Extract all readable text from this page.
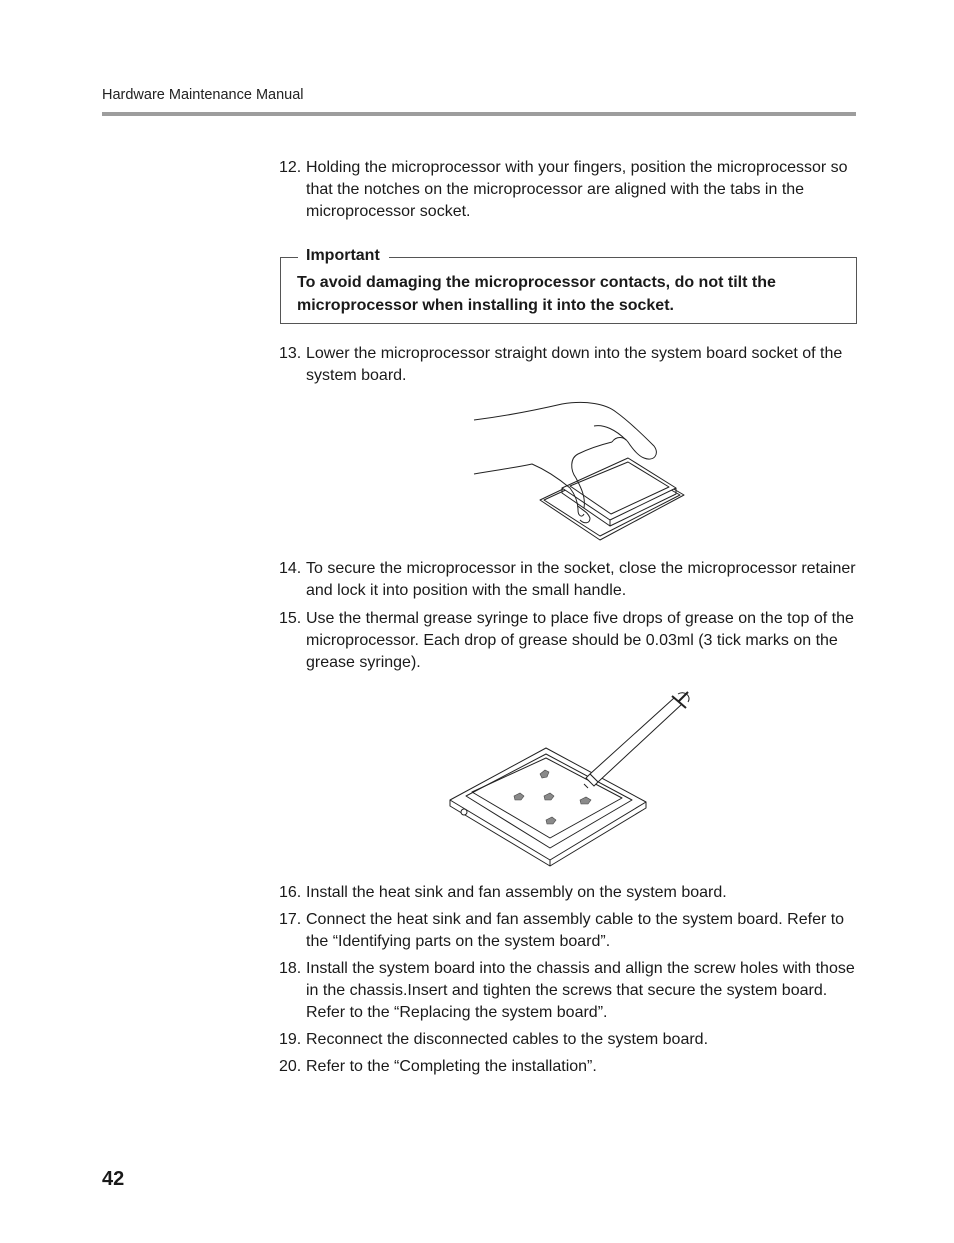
Hardware Maintenance Manual
12. Holding the microprocessor with your fingers, position the microprocessor so that the notches on the microprocessor are aligned with the tabs in the microprocessor socket.
Important
To avoid damaging the microprocessor contacts, do not tilt the microprocessor when installing it into the socket.
13. Lower the microprocessor straight down into the system board socket of the system board.
14. To secure the microprocessor in the socket, close the microprocessor retainer and lock it into position with the small handle.
15. Use the thermal grease syringe to place five drops of grease on the top of the microprocessor. Each drop of grease should be 0.03ml (3 tick marks on the grease syringe).
16. Install the heat sink and fan assembly on the system board.
17. Connect the heat sink and fan assembly cable to the system board. Refer to the “Identifying parts on the system board”.
18. Install the system board into the chassis and allign the screw holes with those in the chassis.Insert and tighten the screws that secure the system board. Refer to the “Replacing the system board”.
19. Reconnect the disconnected cables to the system board.
20. Refer to the “Completing the installation”.
42
